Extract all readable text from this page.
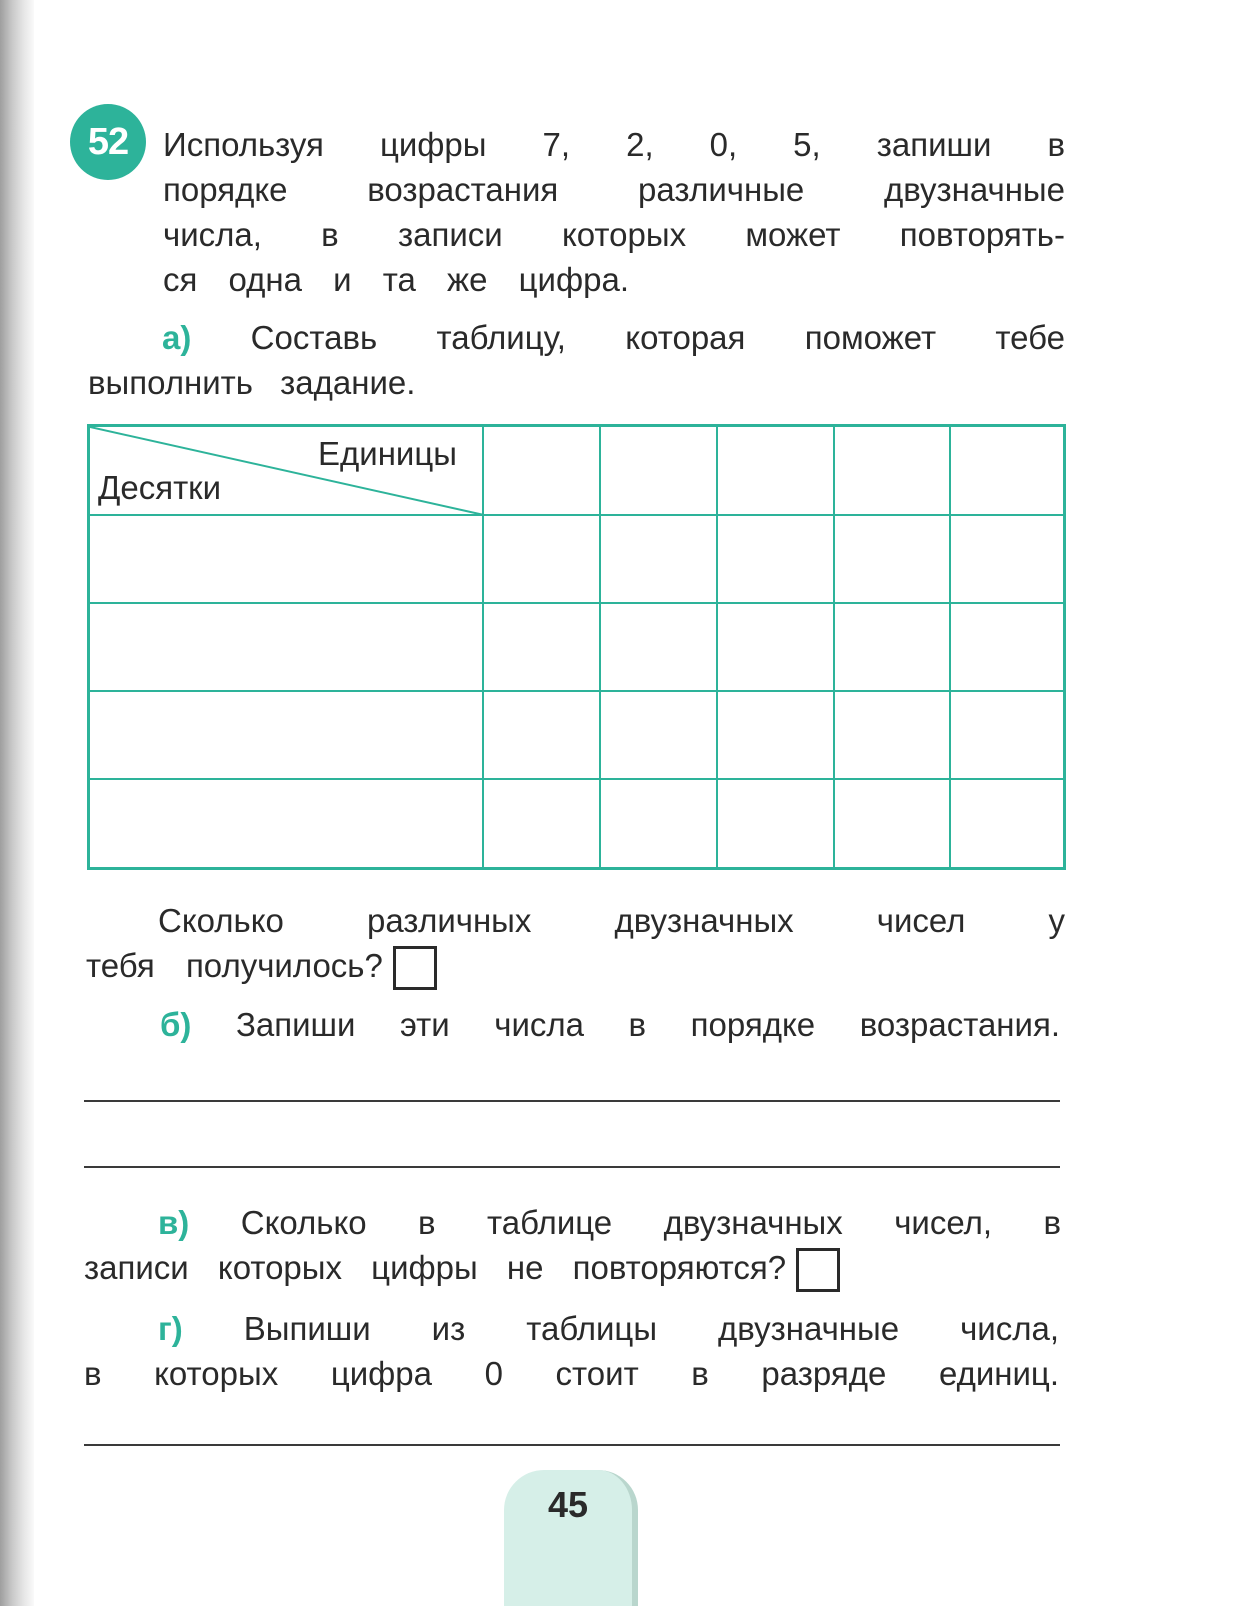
52 Используя цифры 7, 2, 0, 5, запиши в
порядке возрастания различные двузначные
числа, в записи которых может повторять-
ся одна и та же цифра.
а) Составь таблицу, которая поможет тебе
выполнить задание.
Единицы
Десятки
Сколько различных двузначных чисел у
тебя получилось?
б) Запиши эти числа в порядке возрастания.
в) Сколько в таблице двузначных чисел, в
записи которых цифры не повторяются?
г) Выпиши из таблицы двузначные числа,
в которых цифра 0 стоит в разряде единиц.
45
